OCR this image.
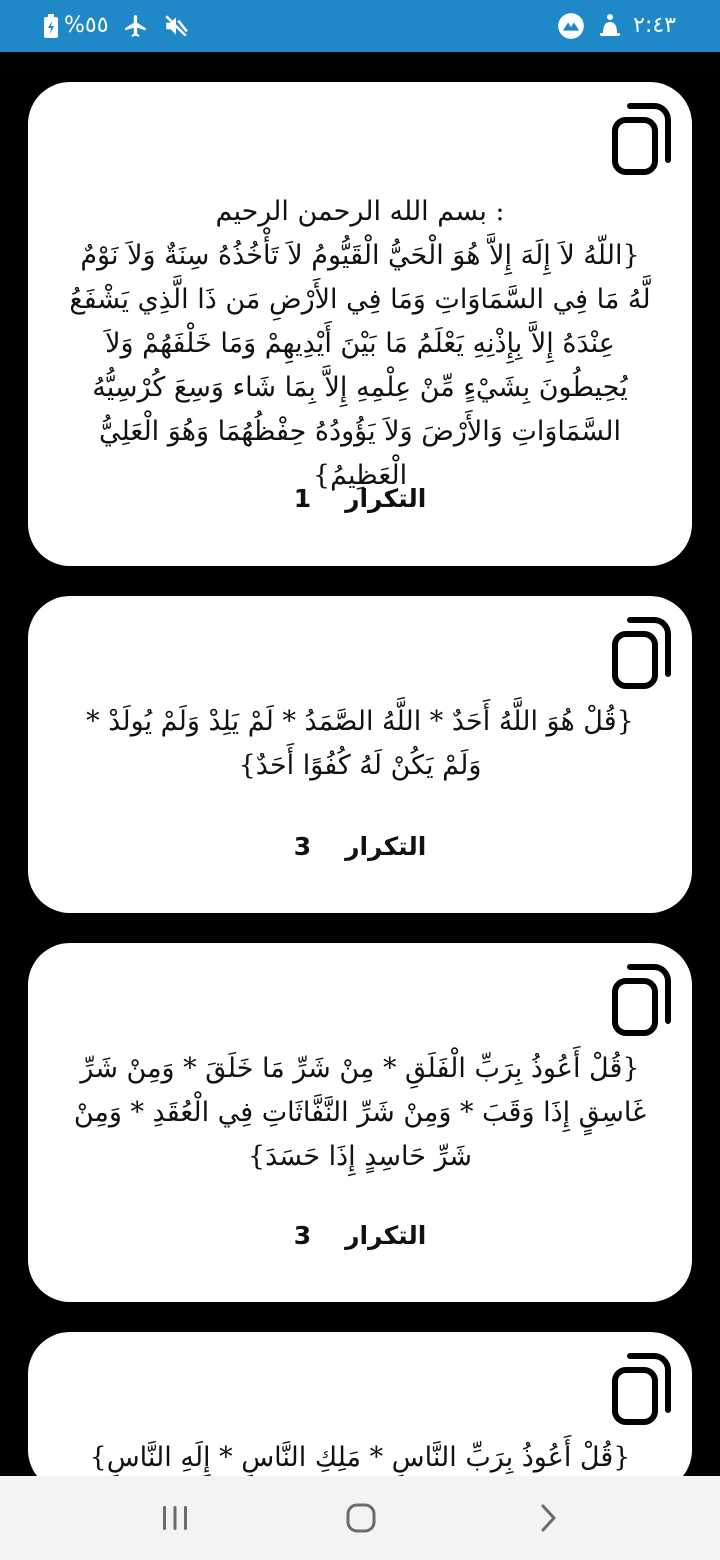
%٥٥	٢:٤٣

: بسم الله الرحمن الرحيم
{اللّهُ لاَ إِلَهَ إِلاَّ هُوَ الْحَيُّ الْقَيُّومُ لاَ تَأْخُذُهُ سِنَةٌ وَلاَ نَوْمٌ لَّهُ مَا فِي السَّمَاوَاتِ وَمَا فِي الأَرْضِ مَن ذَا الَّذِي يَشْفَعُ عِنْدَهُ إِلاَّ بِإِذْنِهِ يَعْلَمُ مَا بَيْنَ أَيْدِيهِمْ وَمَا خَلْفَهُمْ وَلاَ يُحِيطُونَ بِشَيْءٍ مِّنْ عِلْمِهِ إِلاَّ بِمَا شَاء وَسِعَ كُرْسِيُّهُ السَّمَاوَاتِ وَالأَرْضَ وَلاَ يَؤُودُهُ حِفْظُهُمَا وَهُوَ الْعَلِيُّ الْعَظِيمُ}

1 التكرار

{قُلْ هُوَ اللَّهُ أَحَدٌ * اللَّهُ الصَّمَدُ * لَمْ يَلِدْ وَلَمْ يُولَدْ * وَلَمْ يَكُنْ لَهُ كُفُوًا أَحَدٌ}

3 التكرار

{قُلْ أَعُوذُ بِرَبِّ الْفَلَقِ * مِنْ شَرِّ مَا خَلَقَ * وَمِنْ شَرِّ غَاسِقٍ إِذَا وَقَبَ * وَمِنْ شَرِّ النَّفَّاثَاتِ فِي الْعُقَدِ * وَمِنْ شَرِّ حَاسِدٍ إِذَا حَسَدَ}

3 التكرار

{قُلْ أَعُوذُ بِرَبِّ النَّاسِ * مَلِكِ النَّاسِ * إِلَهِ النَّاسِ}
